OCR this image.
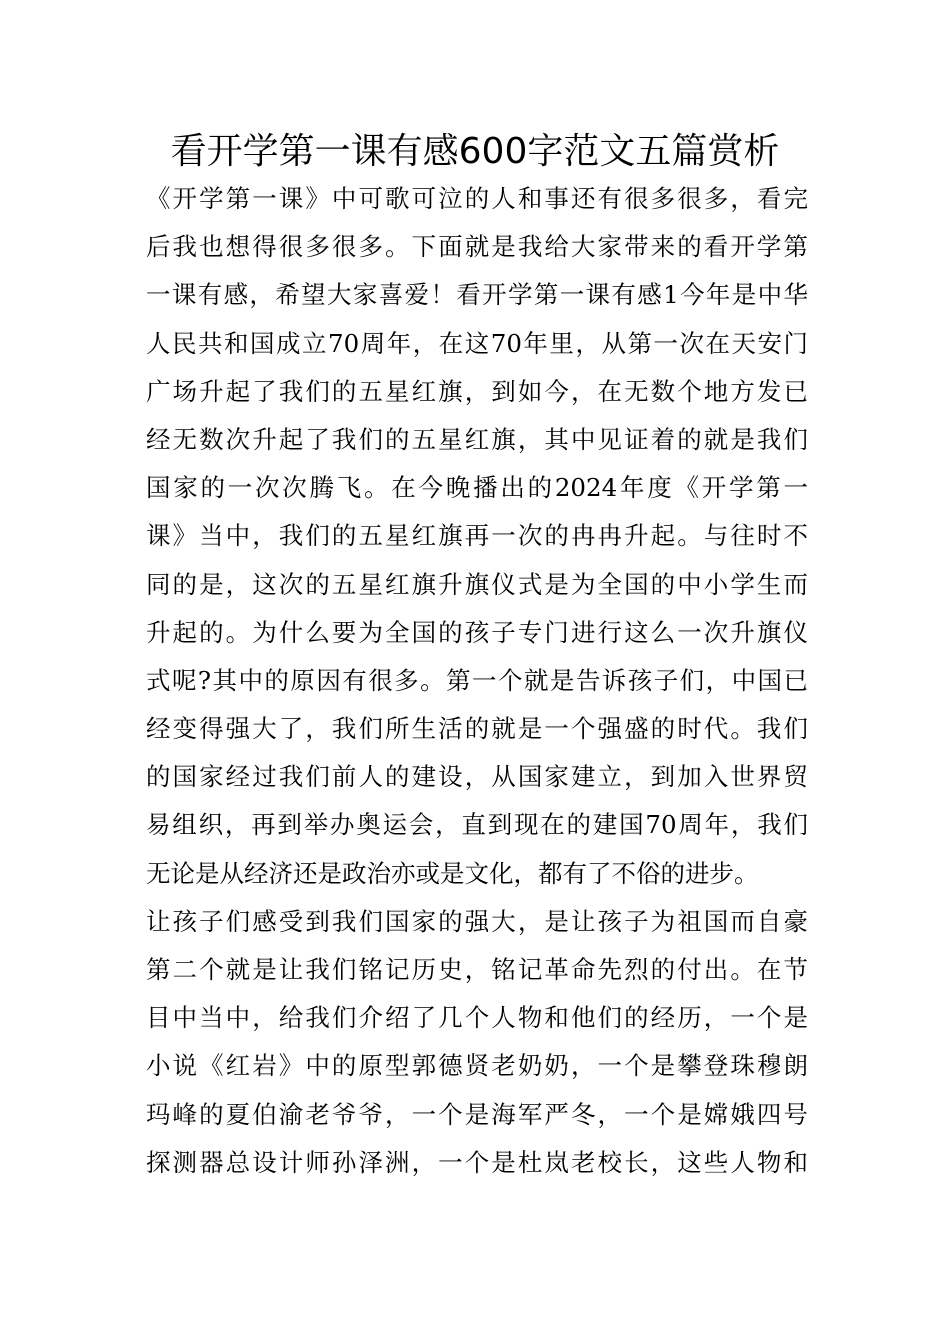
看开学第一课有感600字范文五篇赏析
《开学第一课》中可歌可泣的人和事还有很多很多，看完
后我也想得很多很多。下面就是我给大家带来的看开学第
一课有感，希望大家喜爱！看开学第一课有感1今年是中华
人民共和国成立70周年，在这70年里，从第一次在天安门
广场升起了我们的五星红旗，到如今，在无数个地方发已
经无数次升起了我们的五星红旗，其中见证着的就是我们
国家的一次次腾飞。在今晚播出的2024年度《开学第一
课》当中，我们的五星红旗再一次的冉冉升起。与往时不
同的是，这次的五星红旗升旗仪式是为全国的中小学生而
升起的。为什么要为全国的孩子专门进行这么一次升旗仪
式呢?其中的原因有很多。第一个就是告诉孩子们，中国已
经变得强大了，我们所生活的就是一个强盛的时代。我们
的国家经过我们前人的建设，从国家建立，到加入世界贸
易组织，再到举办奥运会，直到现在的建国70周年，我们
无论是从经济还是政治亦或是文化，都有了不俗的进步。
让孩子们感受到我们国家的强大，是让孩子为祖国而自豪
第二个就是让我们铭记历史，铭记革命先烈的付出。在节
目中当中，给我们介绍了几个人物和他们的经历，一个是
小说《红岩》中的原型郭德贤老奶奶，一个是攀登珠穆朗
玛峰的夏伯渝老爷爷，一个是海军严冬，一个是嫦娥四号
探测器总设计师孙泽洲，一个是杜岚老校长，这些人物和
